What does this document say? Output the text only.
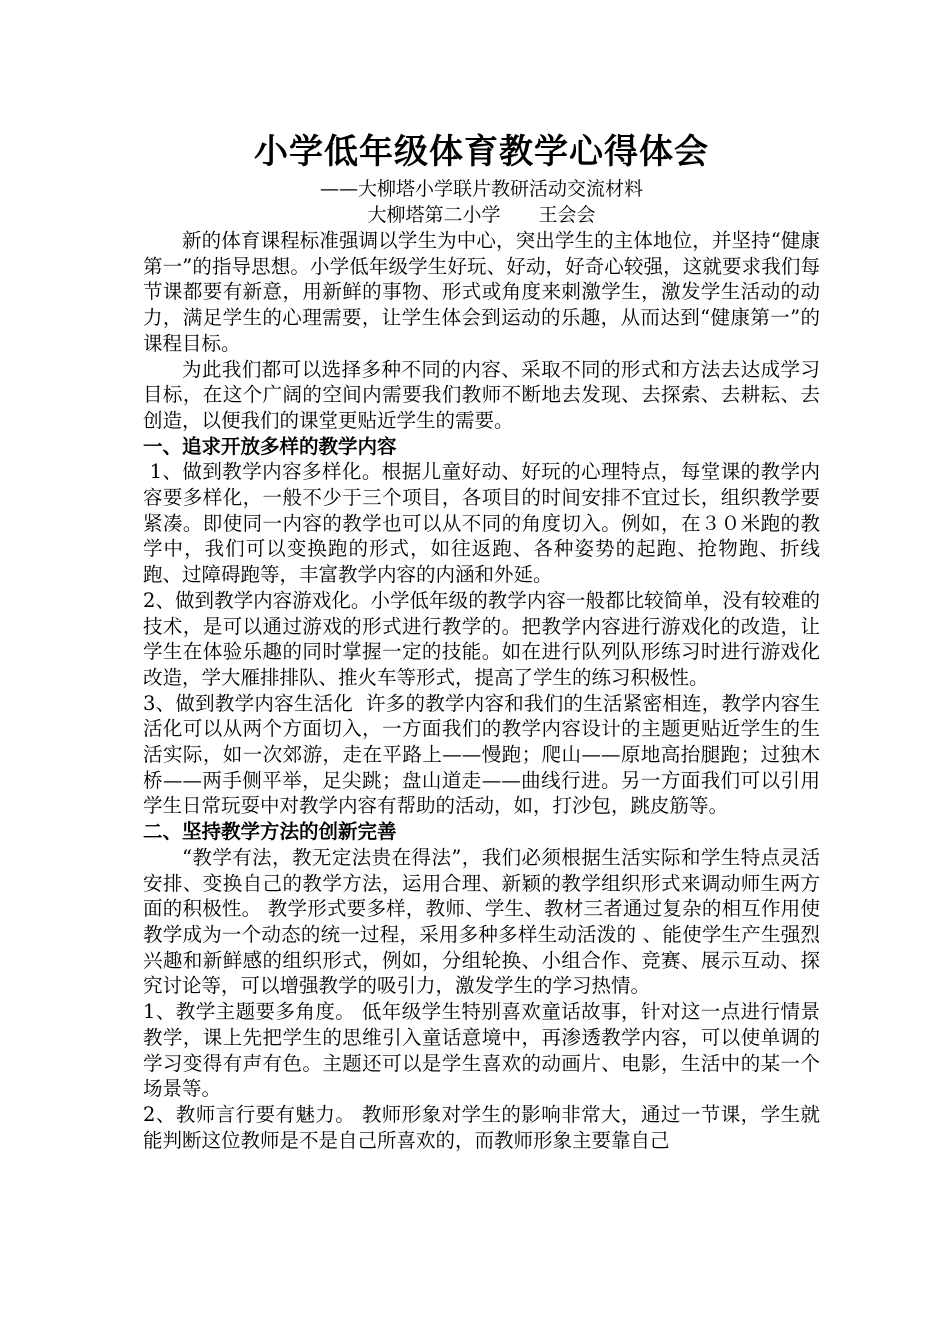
小学低年级体育教学心得体会

——大柳塔小学联片教研活动交流材料

大柳塔第二小学　　王会会

新的体育课程标准强调以学生为中心，突出学生的主体地位，并坚持“健康第一”的指导思想。小学低年级学生好玩、好动，好奇心较强，这就要求我们每节课都要有新意，用新鲜的事物、形式或角度来刺激学生，激发学生活动的动力，满足学生的心理需要，让学生体会到运动的乐趣，从而达到“健康第一”的课程目标。

为此我们都可以选择多种不同的内容、采取不同的形式和方法去达成学习目标，在这个广阔的空间内需要我们教师不断地去发现、去探索、去耕耘、去创造，以便我们的课堂更贴近学生的需要。

一、追求开放多样的教学内容

1、做到教学内容多样化。根据儿童好动、好玩的心理特点，每堂课的教学内容要多样化，一般不少于三个项目，各项目的时间安排不宜过长，组织教学要紧凑。即使同一内容的教学也可以从不同的角度切入。例如，在３０米跑的教学中，我们可以变换跑的形式，如往返跑、各种姿势的起跑、抢物跑、折线跑、过障碍跑等，丰富教学内容的内涵和外延。

2、做到教学内容游戏化。小学低年级的教学内容一般都比较简单，没有较难的技术，是可以通过游戏的形式进行教学的。把教学内容进行游戏化的改造，让学生在体验乐趣的同时掌握一定的技能。如在进行队列队形练习时进行游戏化改造，学大雁排排队、推火车等形式，提高了学生的练习积极性。

3、做到教学内容生活化  许多的教学内容和我们的生活紧密相连，教学内容生活化可以从两个方面切入，一方面我们的教学内容设计的主题更贴近学生的生活实际，如一次郊游，走在平路上——慢跑；爬山——原地高抬腿跑；过独木桥——两手侧平举，足尖跳；盘山道走——曲线行进。另一方面我们可以引用学生日常玩耍中对教学内容有帮助的活动，如，打沙包，跳皮筋等。

二、坚持教学方法的创新完善

“教学有法，教无定法贵在得法”，我们必须根据生活实际和学生特点灵活安排、变换自己的教学方法，运用合理、新颖的教学组织形式来调动师生两方面的积极性。 教学形式要多样，教师、学生、教材三者通过复杂的相互作用使教学成为一个动态的统一过程，采用多种多样生动活泼的 、能使学生产生强烈兴趣和新鲜感的组织形式，例如，分组轮换、小组合作、竞赛、展示互动、探究讨论等，可以增强教学的吸引力，激发学生的学习热情。

1、教学主题要多角度。 低年级学生特别喜欢童话故事，针对这一点进行情景教学，课上先把学生的思维引入童话意境中，再渗透教学内容，可以使单调的学习变得有声有色。主题还可以是学生喜欢的动画片、电影，生活中的某一个场景等。

2、教师言行要有魅力。 教师形象对学生的影响非常大，通过一节课，学生就能判断这位教师是不是自己所喜欢的，而教师形象主要靠自己
